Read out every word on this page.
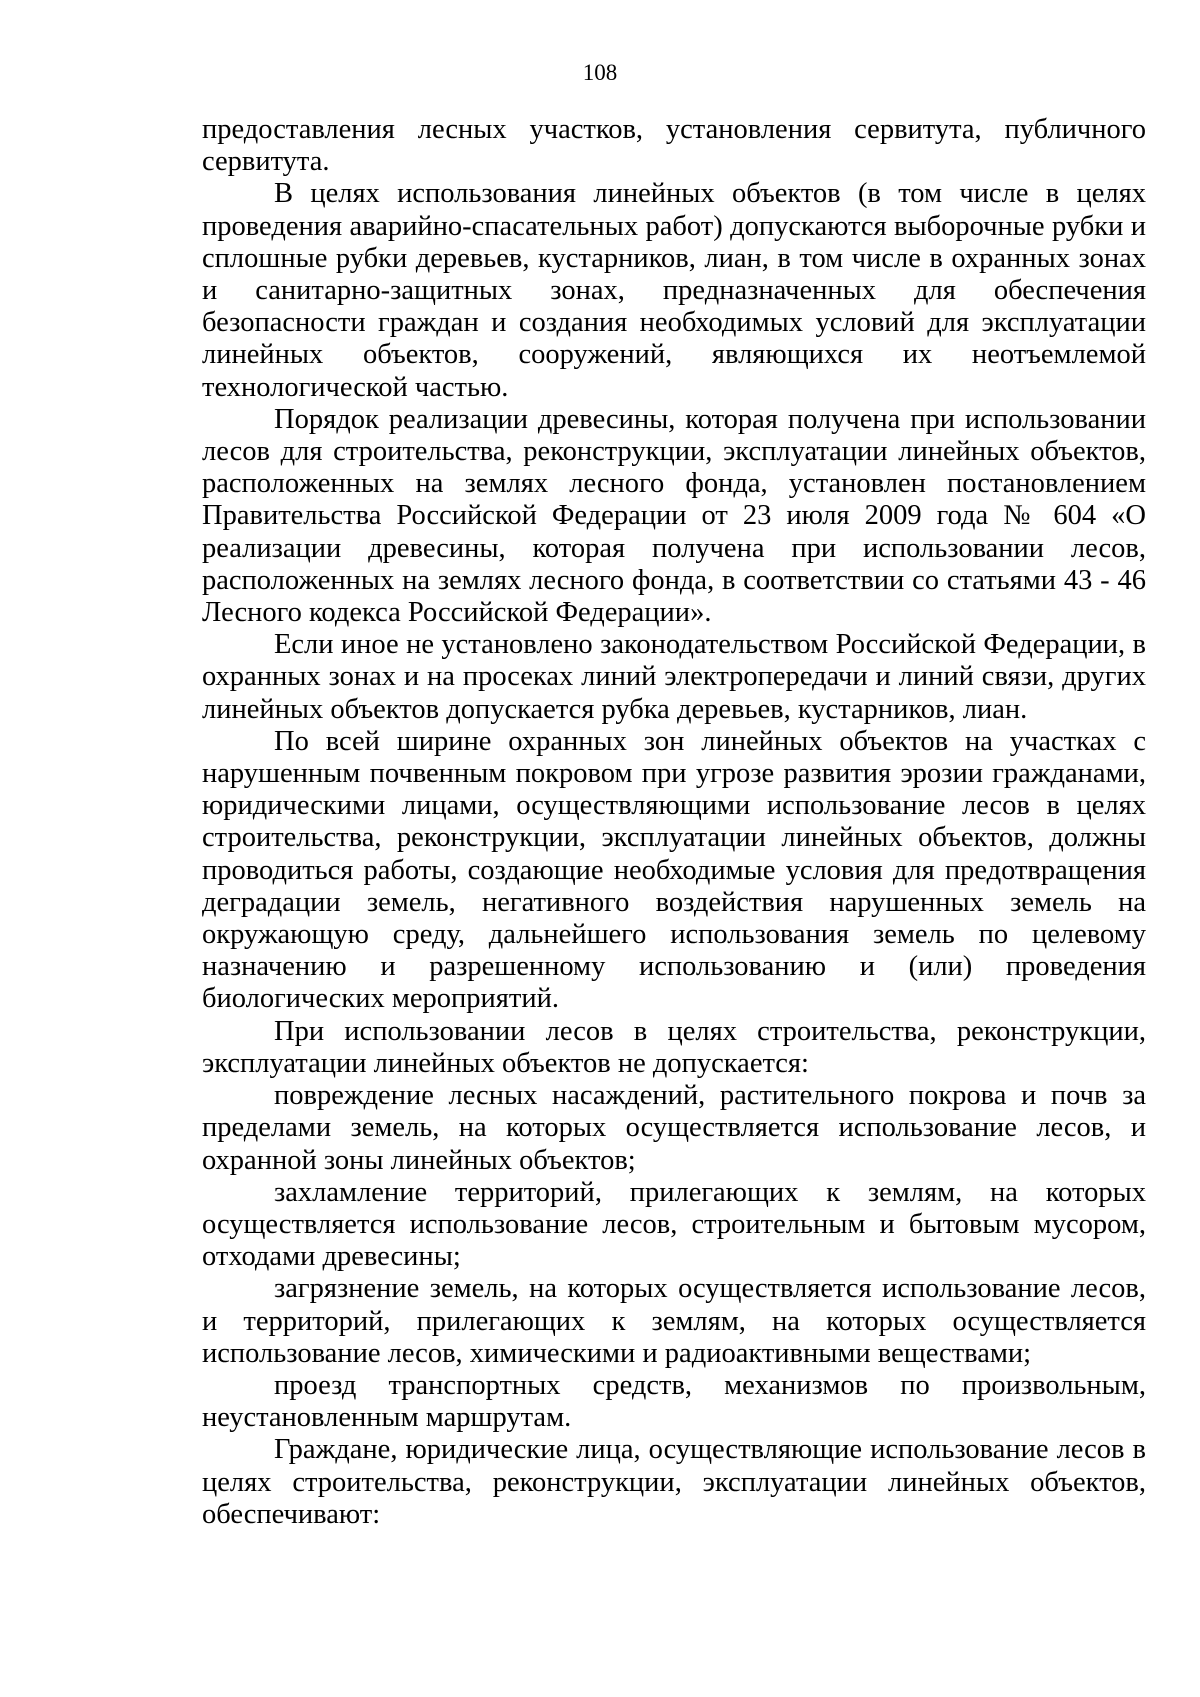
108

предоставления лесных участков, установления сервитута, публичного сервитута.

В целях использования линейных объектов (в том числе в целях проведения аварийно-спасательных работ) допускаются выборочные рубки и сплошные рубки деревьев, кустарников, лиан, в том числе в охранных зонах и санитарно-защитных зонах, предназначенных для обеспечения безопасности граждан и создания необходимых условий для эксплуатации линейных объектов, сооружений, являющихся их неотъемлемой технологической частью.

Порядок реализации древесины, которая получена при использовании лесов для строительства, реконструкции, эксплуатации линейных объектов, расположенных на землях лесного фонда, установлен постановлением Правительства Российской Федерации от 23 июля 2009 года № 604 «О реализации древесины, которая получена при использовании лесов, расположенных на землях лесного фонда, в соответствии со статьями 43 - 46 Лесного кодекса Российской Федерации».

Если иное не установлено законодательством Российской Федерации, в охранных зонах и на просеках линий электропередачи и линий связи, других линейных объектов допускается рубка деревьев, кустарников, лиан.

По всей ширине охранных зон линейных объектов на участках с нарушенным почвенным покровом при угрозе развития эрозии гражданами, юридическими лицами, осуществляющими использование лесов в целях строительства, реконструкции, эксплуатации линейных объектов, должны проводиться работы, создающие необходимые условия для предотвращения деградации земель, негативного воздействия нарушенных земель на окружающую среду, дальнейшего использования земель по целевому назначению и разрешенному использованию и (или) проведения биологических мероприятий.

При использовании лесов в целях строительства, реконструкции, эксплуатации линейных объектов не допускается:

повреждение лесных насаждений, растительного покрова и почв за пределами земель, на которых осуществляется использование лесов, и охранной зоны линейных объектов;

захламление территорий, прилегающих к землям, на которых осуществляется использование лесов, строительным и бытовым мусором, отходами древесины;

загрязнение земель, на которых осуществляется использование лесов, и территорий, прилегающих к землям, на которых осуществляется использование лесов, химическими и радиоактивными веществами;

проезд транспортных средств, механизмов по произвольным, неустановленным маршрутам.

Граждане, юридические лица, осуществляющие использование лесов в целях строительства, реконструкции, эксплуатации линейных объектов, обеспечивают:
